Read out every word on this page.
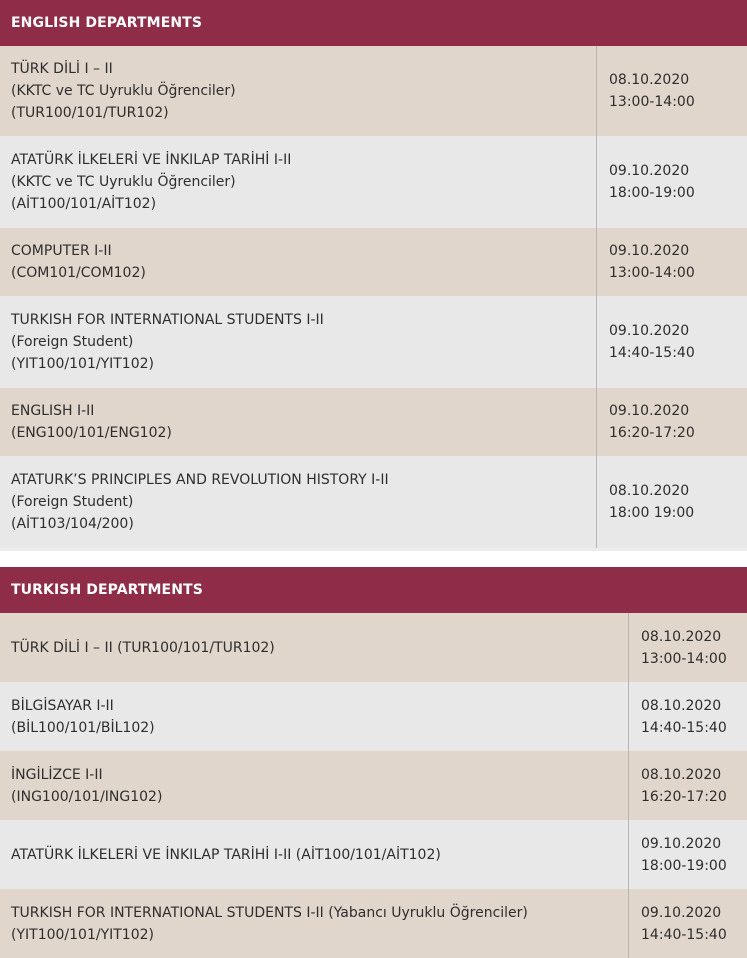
ENGLISH DEPARTMENTS
TÜRK DİLİ I – II
(KKTC ve TC Uyruklu Öğrenciler)
(TUR100/101/TUR102)
08.10.2020
13:00-14:00
ATATÜRK İLKELERİ VE İNKILAP TARİHİ I-II
(KKTC ve TC Uyruklu Öğrenciler)
(AİT100/101/AİT102)
09.10.2020
18:00-19:00
COMPUTER I-II
(COM101/COM102)
09.10.2020
13:00-14:00
TURKISH FOR INTERNATIONAL STUDENTS I-II
(Foreign Student)
(YIT100/101/YIT102)
09.10.2020
14:40-15:40
ENGLISH I-II
(ENG100/101/ENG102)
09.10.2020
16:20-17:20
ATATURK’S PRINCIPLES AND REVOLUTION HISTORY I-II
(Foreign Student)
(AİT103/104/200)
08.10.2020
18:00 19:00
TURKISH DEPARTMENTS
TÜRK DİLİ I – II (TUR100/101/TUR102)
08.10.2020
13:00-14:00
BİLGİSAYAR I-II
(BİL100/101/BİL102)
08.10.2020
14:40-15:40
İNGİLİZCE I-II
(ING100/101/ING102)
08.10.2020
16:20-17:20
ATATÜRK İLKELERİ VE İNKILAP TARİHİ I-II (AİT100/101/AİT102)
09.10.2020
18:00-19:00
TURKISH FOR INTERNATIONAL STUDENTS I-II (Yabancı Uyruklu Öğrenciler)
(YIT100/101/YIT102)
09.10.2020
14:40-15:40
